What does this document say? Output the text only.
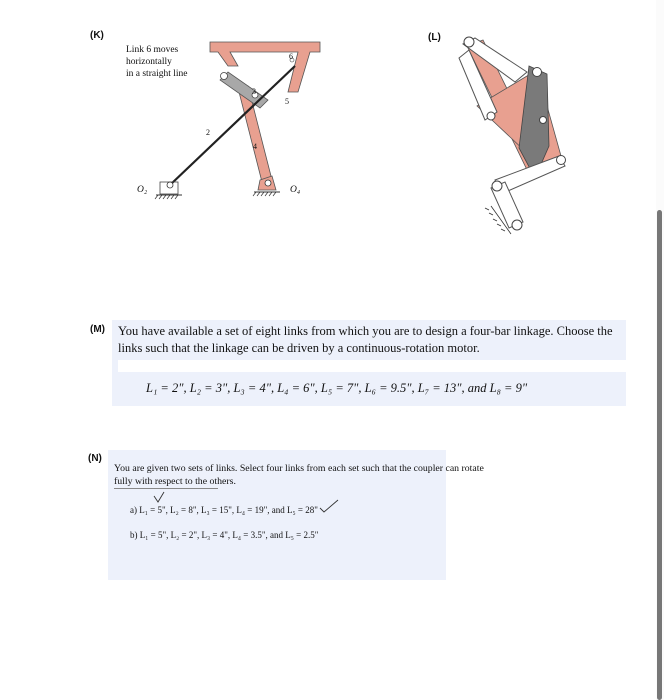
(K)
Link 6 moves
horizontally
in a straight line
6
3
5
2
4
O₂	O₄
(L)
(M) You have available a set of eight links from which you are to design a four-bar linkage. Choose the
links such that the linkage can be driven by a continuous-rotation motor.
L₁ = 2", L₂ = 3", L₃ = 4", L₄ = 6", L₅ = 7", L₆ = 9.5", L₇ = 13", and L₈ = 9"
(N)
You are given two sets of links. Select four links from each set such that the coupler can rotate
fully with respect to the others.
a) L₁ = 5", L₂ = 8", L₃ = 15", L₄ = 19", and L₅ = 28"
b) L₁ = 5", L₂ = 2", L₃ = 4", L₄ = 3.5", and L₅ = 2.5"
